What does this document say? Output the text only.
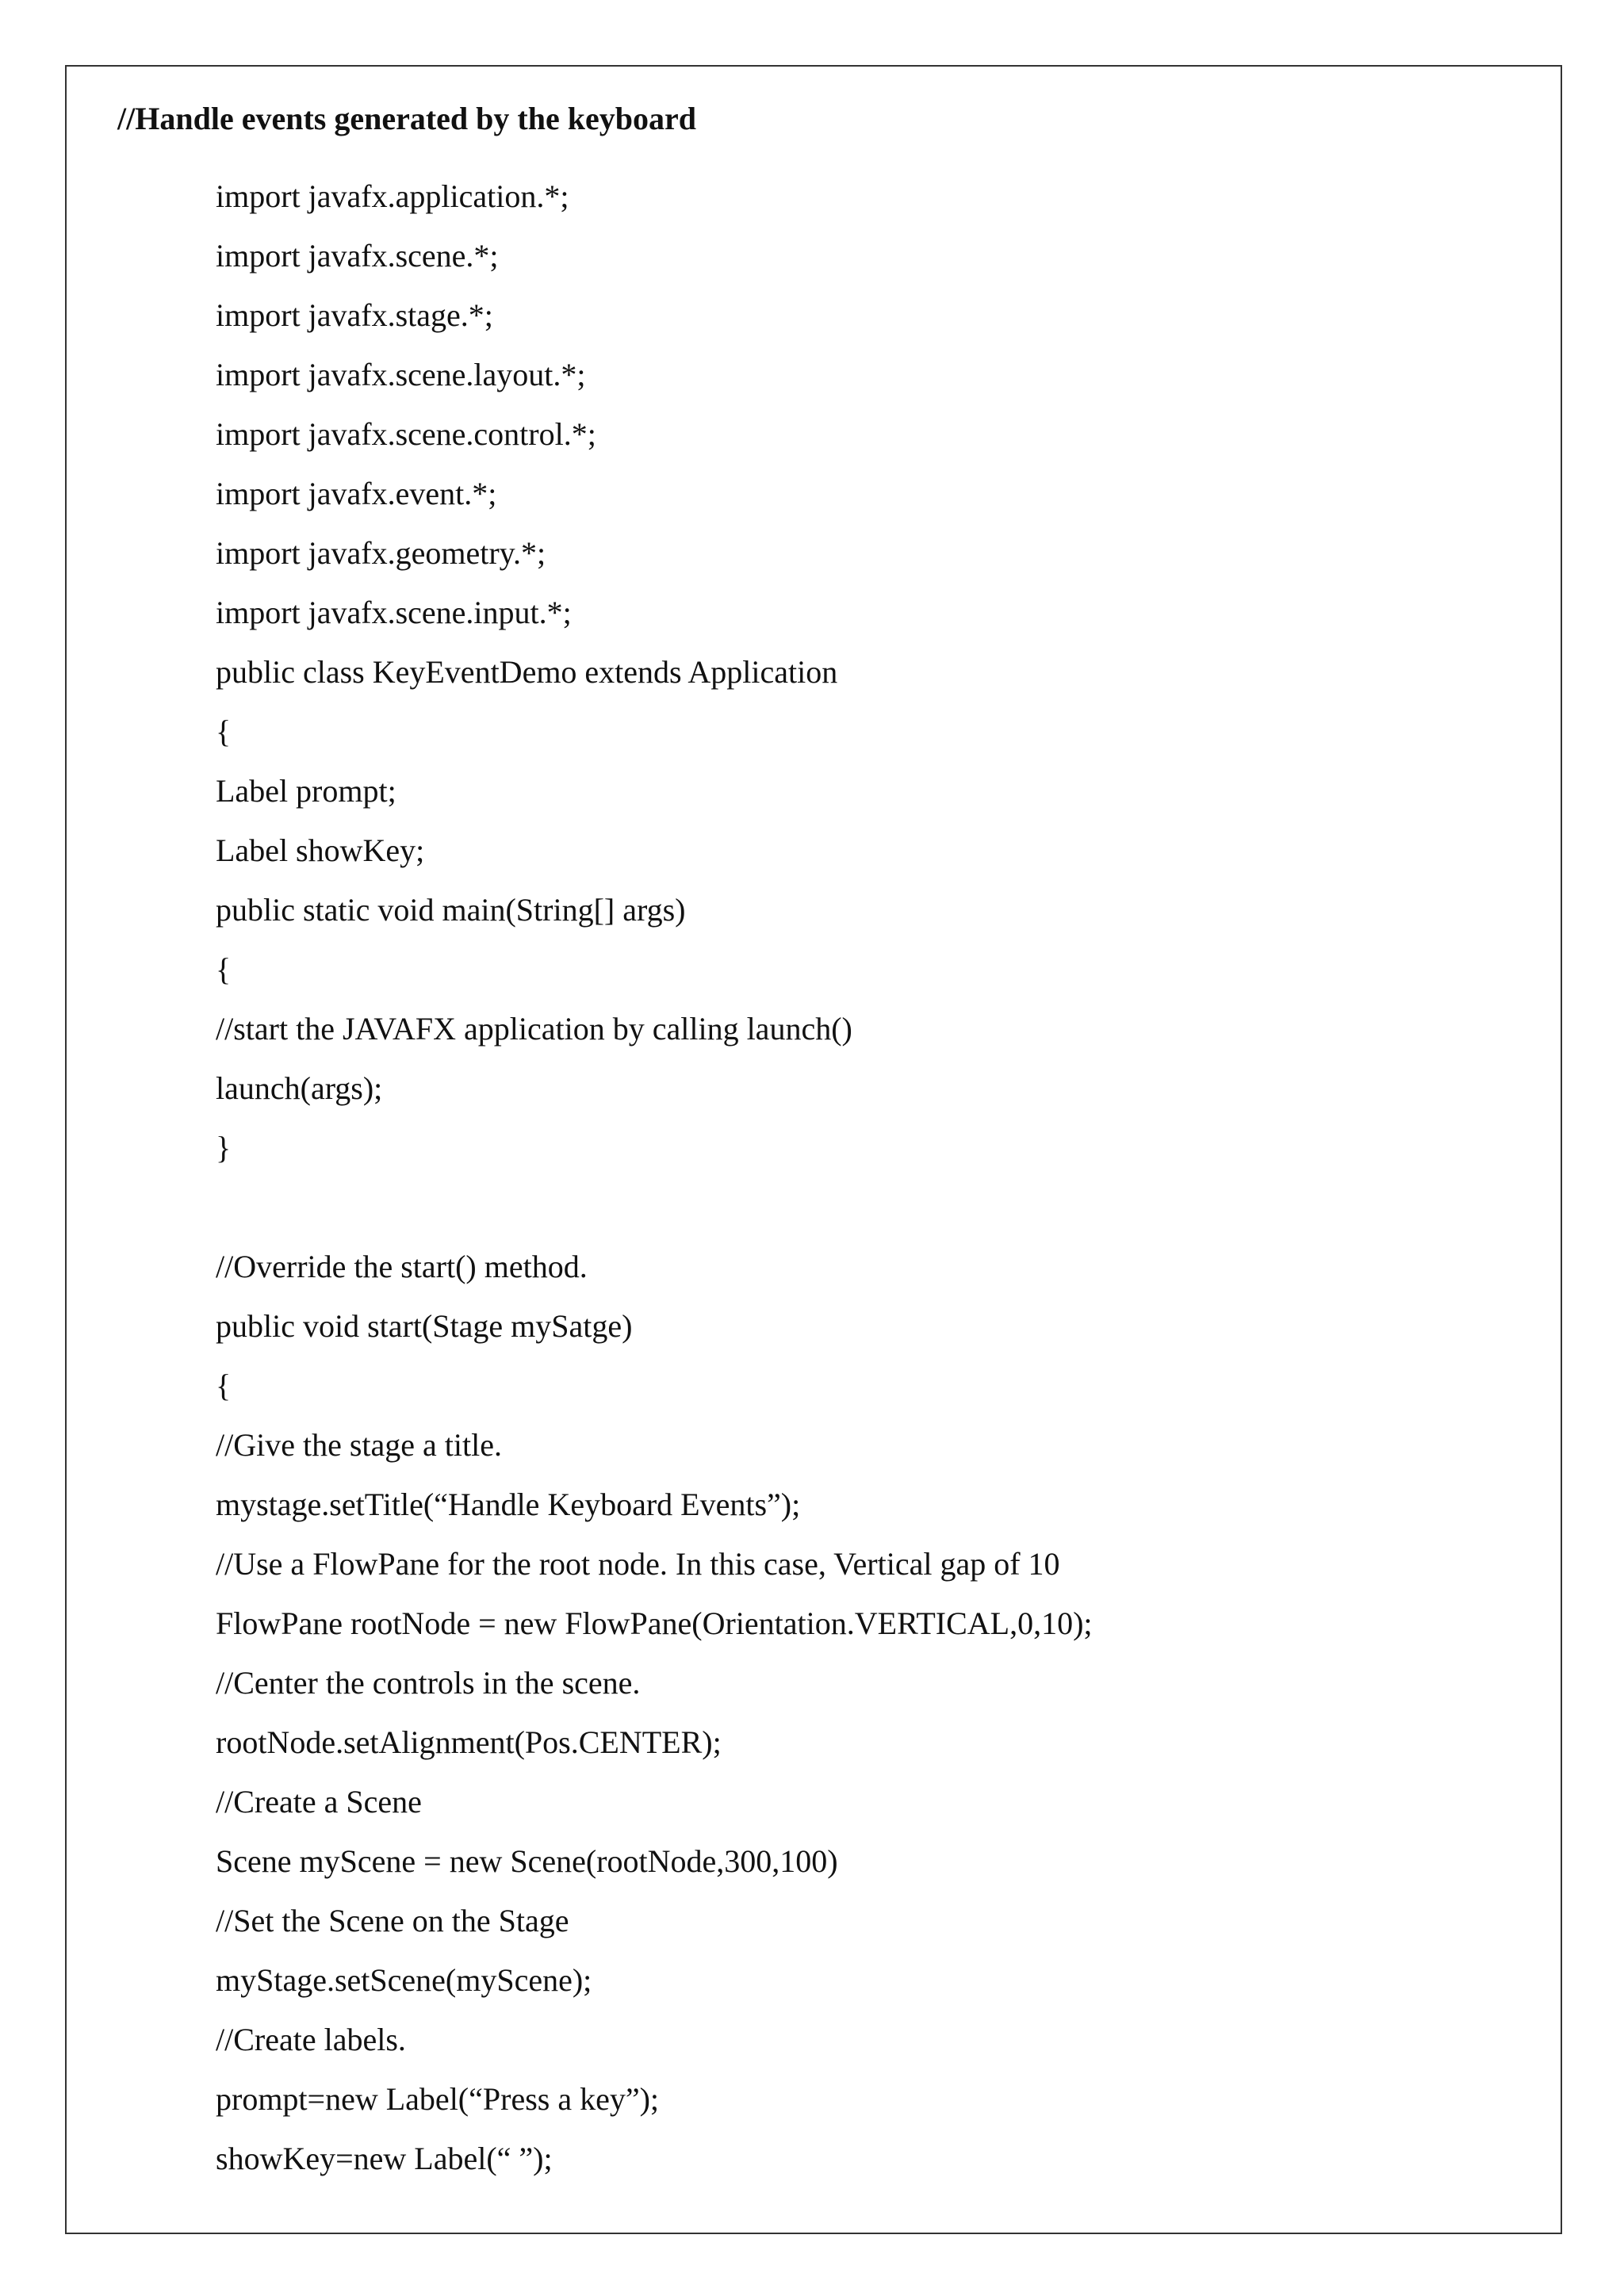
//Handle events generated by the keyboard
import javafx.application.*;
import javafx.scene.*;
import javafx.stage.*;
import javafx.scene.layout.*;
import javafx.scene.control.*;
import javafx.event.*;
import javafx.geometry.*;
import javafx.scene.input.*;
public class KeyEventDemo extends Application
{
Label prompt;
Label showKey;
public static void main(String[] args)
{
//start the JAVAFX application by calling launch()
launch(args);
}
//Override the start() method.
public void start(Stage mySatge)
{
//Give the stage a title.
mystage.setTitle(“Handle Keyboard Events”);
//Use a FlowPane for the root node. In this case, Vertical gap of 10
FlowPane rootNode = new FlowPane(Orientation.VERTICAL,0,10);
//Center the controls in the scene.
rootNode.setAlignment(Pos.CENTER);
//Create a Scene
Scene myScene = new Scene(rootNode,300,100)
//Set the Scene on the Stage
myStage.setScene(myScene);
//Create labels.
prompt=new Label(“Press a key”);
showKey=new Label(“ ”);
